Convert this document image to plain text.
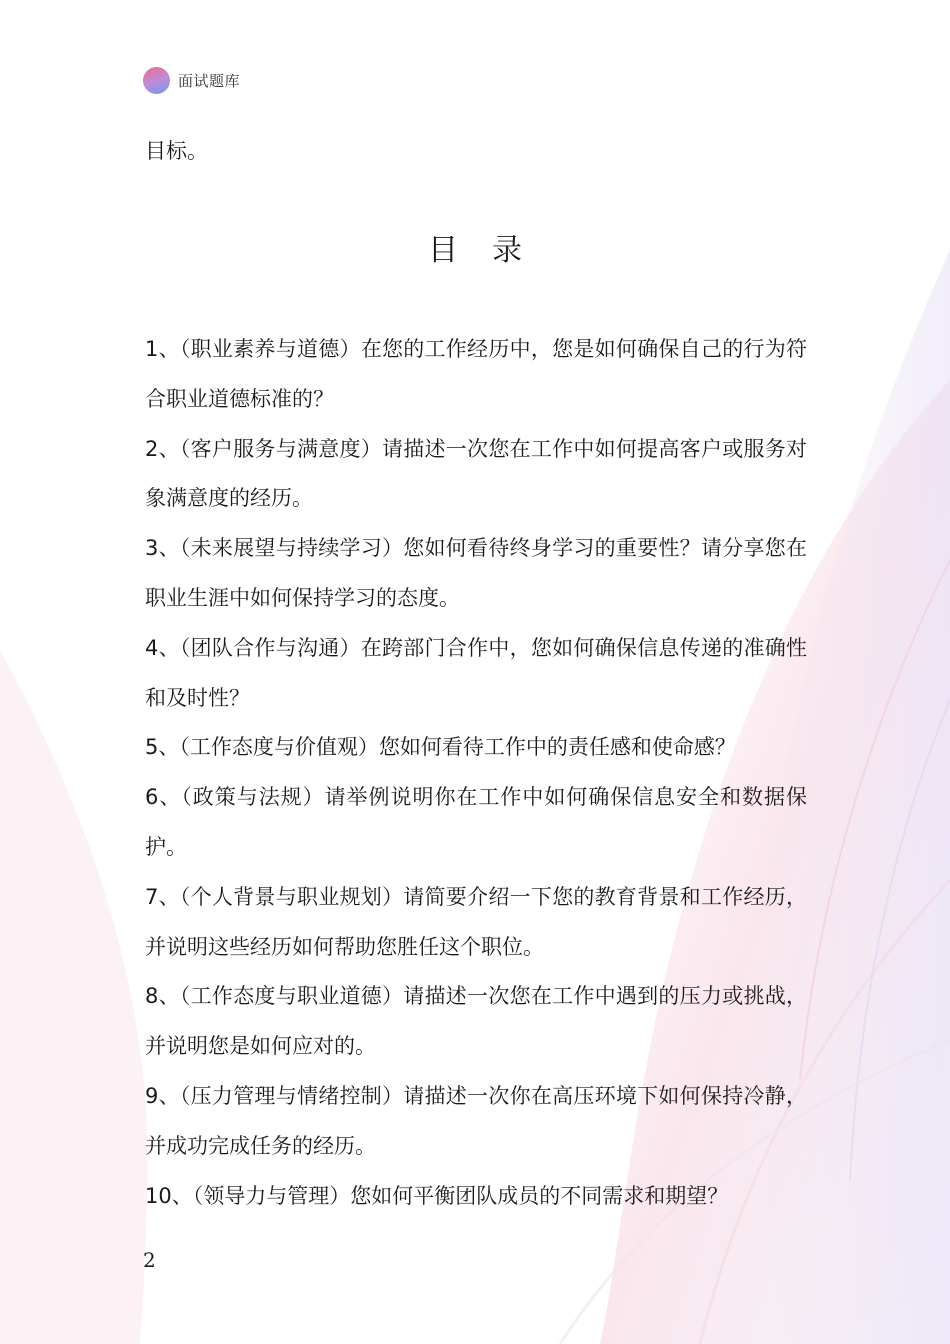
面试题库
目标。
目录
1、（职业素养与道德）在您的工作经历中，您是如何确保自己的行为符合职业道德标准的？
2、（客户服务与满意度）请描述一次您在工作中如何提高客户或服务对象满意度的经历。
3、（未来展望与持续学习）您如何看待终身学习的重要性？请分享您在职业生涯中如何保持学习的态度。
4、（团队合作与沟通）在跨部门合作中，您如何确保信息传递的准确性和及时性？
5、（工作态度与价值观）您如何看待工作中的责任感和使命感？
6、（政策与法规）请举例说明你在工作中如何确保信息安全和数据保护。
7、（个人背景与职业规划）请简要介绍一下您的教育背景和工作经历，并说明这些经历如何帮助您胜任这个职位。
8、（工作态度与职业道德）请描述一次您在工作中遇到的压力或挑战，并说明您是如何应对的。
9、（压力管理与情绪控制）请描述一次你在高压环境下如何保持冷静，并成功完成任务的经历。
10、（领导力与管理）您如何平衡团队成员的不同需求和期望？
2
